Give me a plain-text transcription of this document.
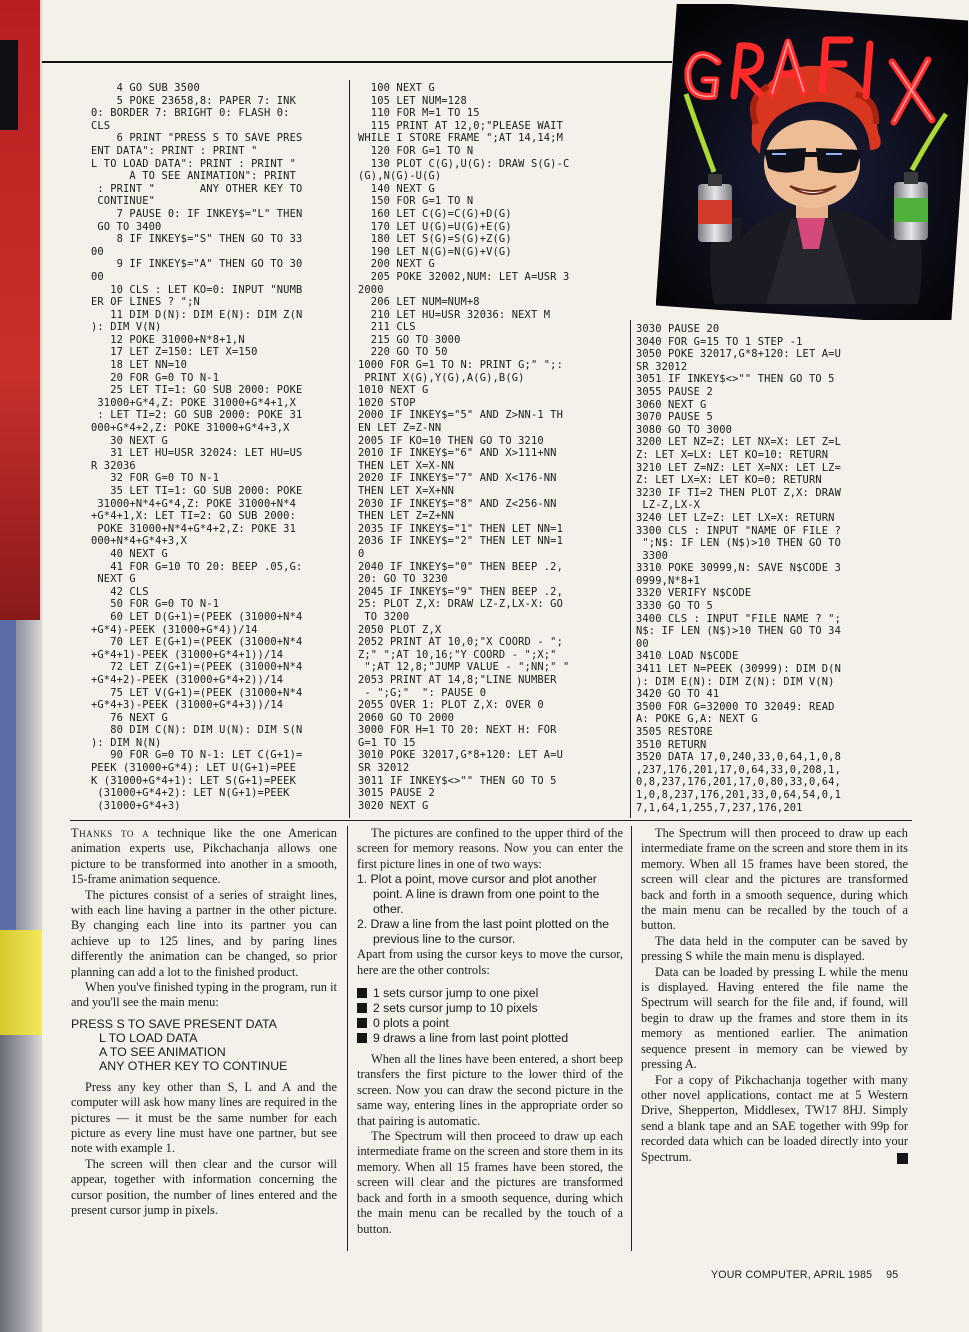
4 GO SUB 3500
5 POKE 23658,8: PAPER 7: INK
0: BORDER 7: BRIGHT 0: FLASH 0:
CLS
6 PRINT "PRESS S TO SAVE PRES
ENT DATA": PRINT : PRINT "
L TO LOAD DATA": PRINT : PRINT "
A TO SEE ANIMATION": PRINT
: PRINT "       ANY OTHER KEY TO
CONTINUE"
7 PAUSE 0: IF INKEY$="L" THEN
GO TO 3400
8 IF INKEY$="S" THEN GO TO 33
00
9 IF INKEY$="A" THEN GO TO 30
00
10 CLS : LET KO=0: INPUT "NUMB
ER OF LINES ? ";N
11 DIM D(N): DIM E(N): DIM Z(N
): DIM V(N)
12 POKE 31000+N*8+1,N
17 LET Z=150: LET X=150
18 LET NN=10
20 FOR G=0 TO N-1
25 LET TI=1: GO SUB 2000: POKE
31000+G*4,Z: POKE 31000+G*4+1,X
: LET TI=2: GO SUB 2000: POKE 31
000+G*4+2,Z: POKE 31000+G*4+3,X
30 NEXT G
31 LET HU=USR 32024: LET HU=US
R 32036
32 FOR G=0 TO N-1
35 LET TI=1: GO SUB 2000: POKE
31000+N*4+G*4,Z: POKE 31000+N*4
+G*4+1,X: LET TI=2: GO SUB 2000:
POKE 31000+N*4+G*4+2,Z: POKE 31
000+N*4+G*4+3,X
40 NEXT G
41 FOR G=10 TO 20: BEEP .05,G:
NEXT G
42 CLS
50 FOR G=0 TO N-1
60 LET D(G+1)=(PEEK (31000+N*4
+G*4)-PEEK (31000+G*4))/14
70 LET E(G+1)=(PEEK (31000+N*4
+G*4+1)-PEEK (31000+G*4+1))/14
72 LET Z(G+1)=(PEEK (31000+N*4
+G*4+2)-PEEK (31000+G*4+2))/14
75 LET V(G+1)=(PEEK (31000+N*4
+G*4+3)-PEEK (31000+G*4+3))/14
76 NEXT G
80 DIM C(N): DIM U(N): DIM S(N
): DIM N(N)
90 FOR G=0 TO N-1: LET C(G+1)=
PEEK (31000+G*4): LET U(G+1)=PEE
K (31000+G*4+1): LET S(G+1)=PEEK
(31000+G*4+2): LET N(G+1)=PEEK
(31000+G*4+3)
100 NEXT G
105 LET NUM=128
110 FOR M=1 TO 15
115 PRINT AT 12,0;"PLEASE WAIT
WHILE I STORE FRAME ";AT 14,14;M
120 FOR G=1 TO N
130 PLOT C(G),U(G): DRAW S(G)-C
(G),N(G)-U(G)
140 NEXT G
150 FOR G=1 TO N
160 LET C(G)=C(G)+D(G)
170 LET U(G)=U(G)+E(G)
180 LET S(G)=S(G)+Z(G)
190 LET N(G)=N(G)+V(G)
200 NEXT G
205 POKE 32002,NUM: LET A=USR 3
2000
206 LET NUM=NUM+8
210 LET HU=USR 32036: NEXT M
211 CLS
215 GO TO 3000
220 GO TO 50
1000 FOR G=1 TO N: PRINT G;" ";:
PRINT X(G),Y(G),A(G),B(G)
1010 NEXT G
1020 STOP
2000 IF INKEY$="5" AND Z>NN-1 TH
EN LET Z=Z-NN
2005 IF KO=10 THEN GO TO 3210
2010 IF INKEY$="6" AND X>111+NN
THEN LET X=X-NN
2020 IF INKEY$="7" AND X<176-NN
THEN LET X=X+NN
2030 IF INKEY$="8" AND Z<256-NN
THEN LET Z=Z+NN
2035 IF INKEY$="1" THEN LET NN=1
2036 IF INKEY$="2" THEN LET NN=1
0
2040 IF INKEY$="0" THEN BEEP .2,
20: GO TO 3230
2045 IF INKEY$="9" THEN BEEP .2,
25: PLOT Z,X: DRAW LZ-Z,LX-X: GO
TO 3200
2050 PLOT Z,X
2052 PRINT AT 10,0;"X COORD - ";
Z;" ";AT 10,16;"Y COORD - ";X;"
";AT 12,8;"JUMP VALUE - ";NN;" "
2053 PRINT AT 14,8;"LINE NUMBER
- ";G;"  ": PAUSE 0
2055 OVER 1: PLOT Z,X: OVER 0
2060 GO TO 2000
3000 FOR H=1 TO 20: NEXT H: FOR
G=1 TO 15
3010 POKE 32017,G*8+120: LET A=U
SR 32012
3011 IF INKEY$<>"" THEN GO TO 5
3015 PAUSE 2
3020 NEXT G
3030 PAUSE 20
3040 FOR G=15 TO 1 STEP -1
3050 POKE 32017,G*8+120: LET A=U
SR 32012
3051 IF INKEY$<>"" THEN GO TO 5
3055 PAUSE 2
3060 NEXT G
3070 PAUSE 5
3080 GO TO 3000
3200 LET NZ=Z: LET NX=X: LET Z=L
Z: LET X=LX: LET KO=10: RETURN
3210 LET Z=NZ: LET X=NX: LET LZ=
Z: LET LX=X: LET KO=0: RETURN
3230 IF TI=2 THEN PLOT Z,X: DRAW
LZ-Z,LX-X
3240 LET LZ=Z: LET LX=X: RETURN
3300 CLS : INPUT "NAME OF FILE ?
";N$: IF LEN (N$)>10 THEN GO TO
3300
3310 POKE 30999,N: SAVE N$CODE 3
0999,N*8+1
3320 VERIFY N$CODE
3330 GO TO 5
3400 CLS : INPUT "FILE NAME ? ";
N$: IF LEN (N$)>10 THEN GO TO 34
00
3410 LOAD N$CODE
3411 LET N=PEEK (30999): DIM D(N
): DIM E(N): DIM Z(N): DIM V(N)
3420 GO TO 41
3500 FOR G=32000 TO 32049: READ
A: POKE G,A: NEXT G
3505 RESTORE
3510 RETURN
3520 DATA 17,0,240,33,0,64,1,0,8
,237,176,201,17,0,64,33,0,208,1,
0,8,237,176,201,17,0,80,33,0,64,
1,0,8,237,176,201,33,0,64,54,0,1
7,1,64,1,255,7,237,176,201

Thanks to a technique like the one American animation experts use, Pikchachanja allows one picture to be transformed into another in a smooth, 15-frame animation sequence.

The pictures consist of a series of straight lines, with each line having a partner in the other picture. By changing each line into its partner you can achieve up to 125 lines, and by paring lines differently the animation can be changed, so prior planning can add a lot to the finished product.

When you've finished typing in the program, run it and you'll see the main menu:

PRESS S TO SAVE PRESENT DATA
L TO LOAD DATA
A TO SEE ANIMATION
ANY OTHER KEY TO CONTINUE

Press any key other than S, L and A and the computer will ask how many lines are required in the pictures — it must be the same number for each picture as every line must have one partner, but see note with example 1.

The screen will then clear and the cursor will appear, together with information concerning the cursor position, the number of lines entered and the present cursor jump in pixels.

The pictures are confined to the upper third of the screen for memory reasons. Now you can enter the first picture lines in one of two ways:

1. Plot a point, move cursor and plot another point. A line is drawn from one point to the other.
2. Draw a line from the last point plotted on the previous line to the cursor.

Apart from using the cursor keys to move the cursor, here are the other controls:

1 sets cursor jump to one pixel
2 sets cursor jump to 10 pixels
0 plots a point
9 draws a line from last point plotted

When all the lines have been entered, a short beep transfers the first picture to the lower third of the screen. Now you can draw the second picture in the same way, entering lines in the appropriate order so that pairing is automatic.

The Spectrum will then proceed to draw up each intermediate frame on the screen and store them in its memory. When all 15 frames have been stored, the screen will clear and the pictures are transformed back and forth in a smooth sequence, during which the main menu can be recalled by the touch of a button.

The Spectrum will then proceed to draw up each intermediate frame on the screen and store them in its memory. When all 15 frames have been stored, the screen will clear and the pictures are transformed back and forth in a smooth sequence, during which the main menu can be recalled by the touch of a button.

The data held in the computer can be saved by pressing S while the main menu is displayed.

Data can be loaded by pressing L while the menu is displayed. Having entered the file name the Spectrum will search for the file and, if found, will begin to draw up the frames and store them in its memory as mentioned earlier. The animation sequence present in memory can be viewed by pressing A.

For a copy of Pikchachanja together with many other novel applications, contact me at 5 Western Drive, Shepperton, Middlesex, TW17 8HJ. Simply send a blank tape and an SAE together with 99p for recorded data which can be loaded directly into your Spectrum.

YOUR COMPUTER, APRIL 1985 95
